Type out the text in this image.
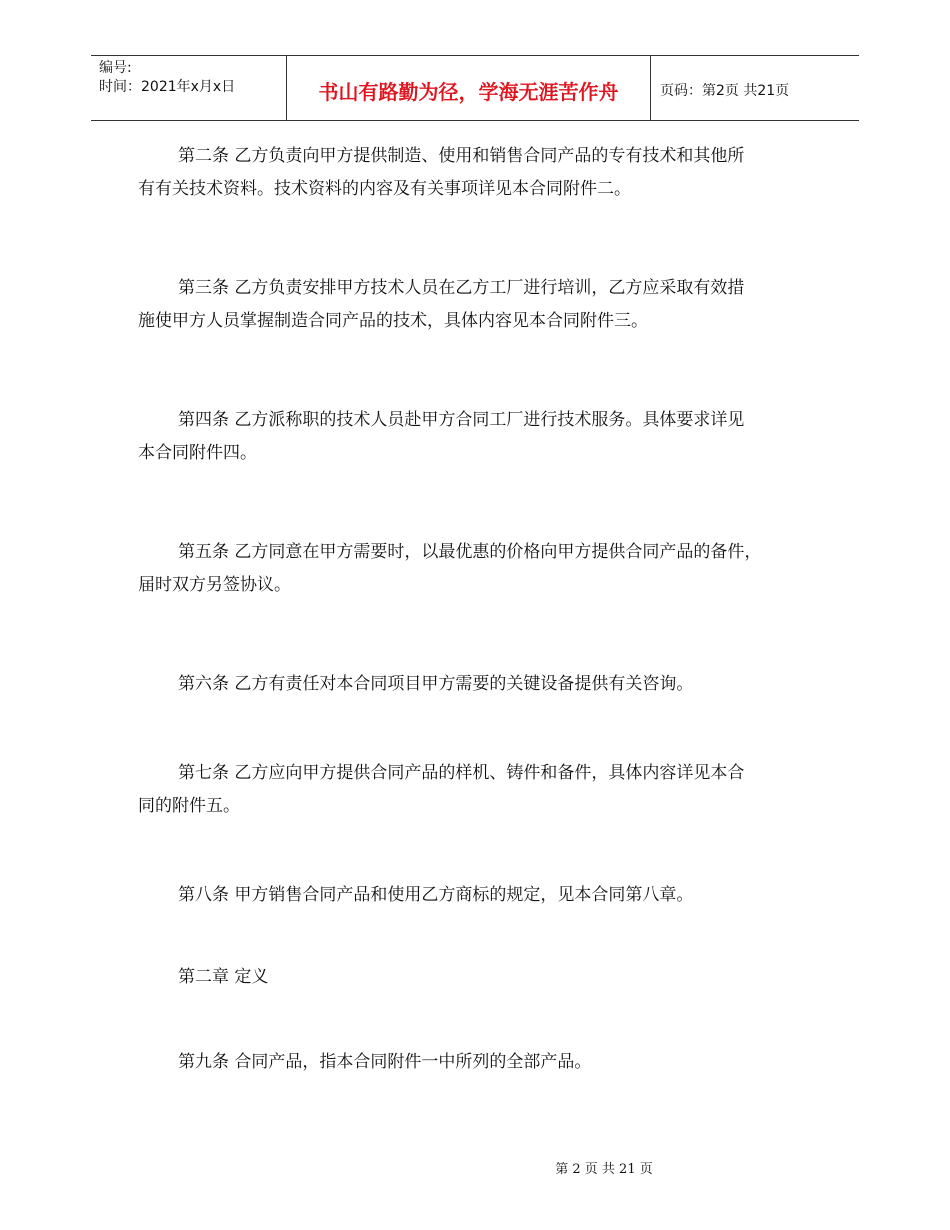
编号:
时间：2021年x月x日	书山有路勤为径，学海无涯苦作舟	页码：第2页 共21页

第二条 乙方负责向甲方提供制造、使用和销售合同产品的专有技术和其他所
有有关技术资料。技术资料的内容及有关事项详见本合同附件二。

第三条 乙方负责安排甲方技术人员在乙方工厂进行培训，乙方应采取有效措
施使甲方人员掌握制造合同产品的技术，具体内容见本合同附件三。

第四条 乙方派称职的技术人员赴甲方合同工厂进行技术服务。具体要求详见
本合同附件四。

第五条 乙方同意在甲方需要时，以最优惠的价格向甲方提供合同产品的备件，
届时双方另签协议。

第六条 乙方有责任对本合同项目甲方需要的关键设备提供有关咨询。

第七条 乙方应向甲方提供合同产品的样机、铸件和备件，具体内容详见本合
同的附件五。

第八条 甲方销售合同产品和使用乙方商标的规定，见本合同第八章。

第二章 定义

第九条 合同产品，指本合同附件一中所列的全部产品。

第 2 页 共 21 页
